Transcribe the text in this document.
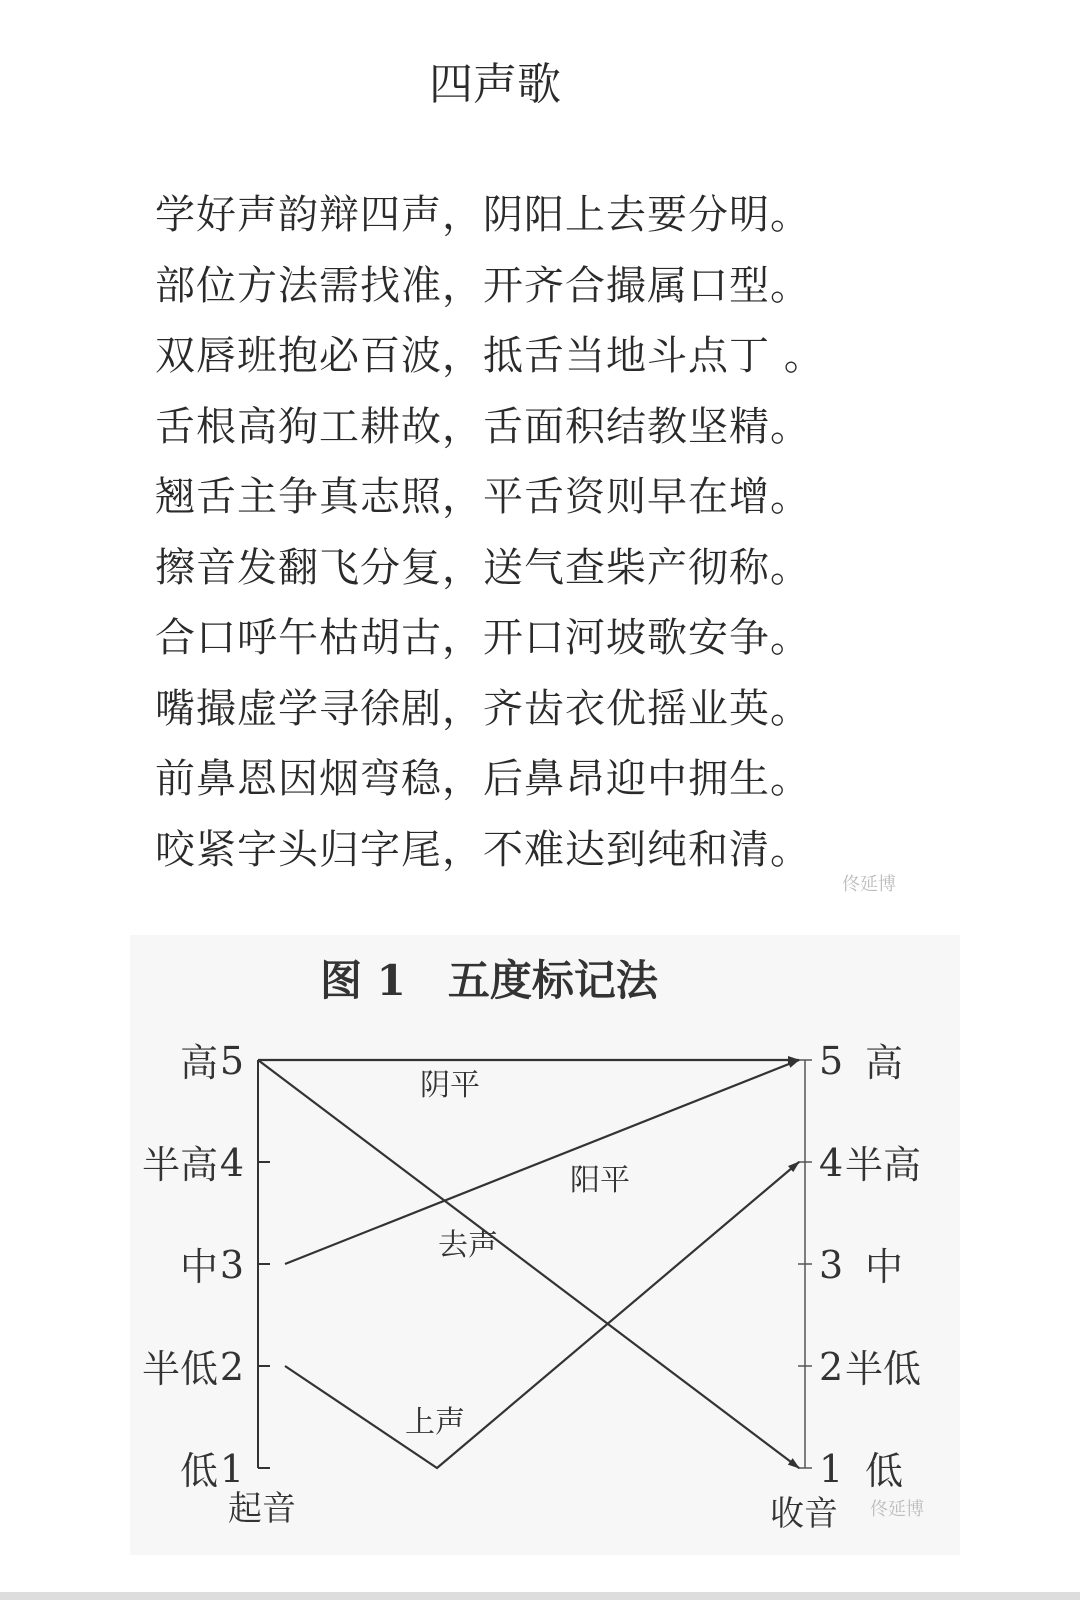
四声歌
学好声韵辩四声，阴阳上去要分明。
部位方法需找准，开齐合撮属口型。
双唇班抱必百波，抵舌当地斗点丁 。
舌根高狗工耕故，舌面积结教坚精。
翘舌主争真志照，平舌资则早在增。
擦音发翻飞分复，送气查柴产彻称。
合口呼午枯胡古，开口河坡歌安争。
嘴撮虚学寻徐剧，齐齿衣优摇业英。
前鼻恩因烟弯稳，后鼻昂迎中拥生。
咬紧字头归字尾，不难达到纯和清。
佟延博
图 1　五度标记法
5
高	5 高
4
半高	4 半高
3
中	3 中
2
半低	2 半低
1
低	1 低
起音	收音
阴平
阳平
去声
上声
佟延博
